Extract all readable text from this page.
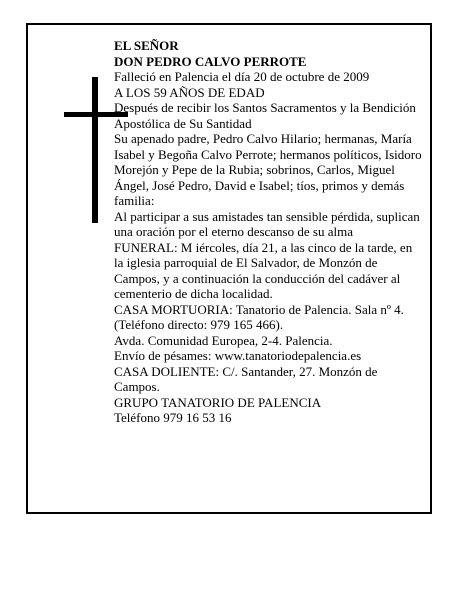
EL SEÑOR

DON PEDRO CALVO PERROTE

Falleció en Palencia el día 20 de octubre de 2009

A LOS 59 AÑOS DE EDAD

Después de recibir los Santos Sacramentos y la Bendición Apostólica de Su Santidad

Su apenado padre, Pedro Calvo Hilario; hermanas, María Isabel y Begoña Calvo Perrote; hermanos políticos, Isidoro Morejón y Pepe de la Rubia; sobrinos, Carlos, Miguel Ángel, José Pedro, David e Isabel; tíos, primos y demás familia:

Al participar a sus amistades tan sensible pérdida, suplican una oración por el eterno descanso de su alma

FUNERAL: M iércoles, día 21, a las cinco de la tarde, en la iglesia parroquial de El Salvador, de Monzón de Campos, y a continuación la conducción del cadáver al cementerio de dicha localidad.

CASA MORTUORIA: Tanatorio de Palencia. Sala nº 4. (Teléfono directo: 979 165 466).

Avda. Comunidad Europea, 2-4. Palencia.

Envío de pésames: www.tanatoriodepalencia.es

CASA DOLIENTE: C/. Santander, 27. Monzón de Campos.

GRUPO TANATORIO DE PALENCIA

Teléfono 979 16 53 16
